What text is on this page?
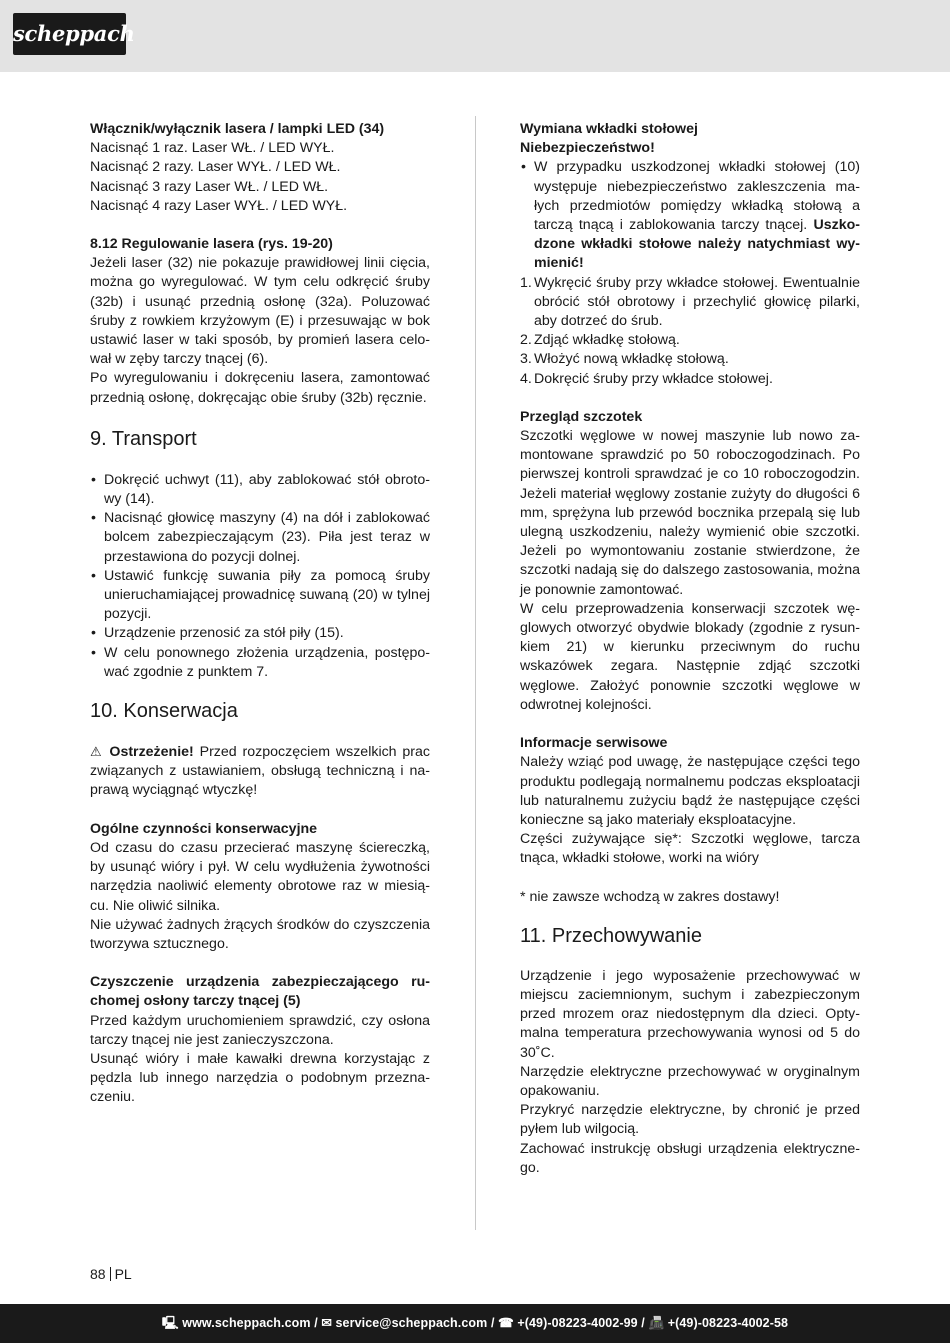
scheppach
Włącznik/wyłącznik lasera / lampki LED (34)
Nacisnąć 1 raz. Laser WŁ. / LED WYŁ.
Nacisnąć 2 razy. Laser WYŁ. / LED WŁ.
Nacisnąć 3 razy Laser WŁ. / LED WŁ.
Nacisnąć 4 razy Laser WYŁ. / LED WYŁ.
8.12 Regulowanie lasera (rys. 19-20)

Jeżeli laser (32) nie pokazuje prawidłowej linii cięcia, można go wyregulować. W tym celu odkręcić śruby (32b) i usunąć przednią osłonę (32a). Poluzować śruby z rowkiem krzyżowym (E) i przesuwając w bok ustawić laser w taki sposób, by promień lasera celował w zęby tarczy tnącej (6).

Po wyregulowaniu i dokręceniu lasera, zamontować przednią osłonę, dokręcając obie śruby (32b) ręcznie.

9. Transport
• Dokręcić uchwyt (11), aby zablokować stół obrotowy (14).
• Nacisnąć głowicę maszyny (4) na dół i zablokować bolcem zabezpieczającym (23). Piła jest teraz w przestawiona do pozycji dolnej.
• Ustawić funkcję suwania piły za pomocą śruby unieruchamiającej prowadnicę suwaną (20) w tylnej pozycji.
• Urządzenie przenosić za stół piły (15).
• W celu ponownego złożenia urządzenia, postępować zgodnie z punktem 7.
10. Konserwacja

⚠ Ostrzeżenie! Przed rozpoczęciem wszelkich prac związanych z ustawianiem, obsługą techniczną i naprawą wyciągnąć wtyczkę!

Ogólne czynności konserwacyjne

Od czasu do czasu przecierać maszynę ściereczką, by usunąć wióry i pył. W celu wydłużenia żywotności narzędzia naoliwić elementy obrotowe raz w miesiącu. Nie oliwić silnika.

Nie używać żadnych żrących środków do czyszczenia tworzywa sztucznego.

Czyszczenie urządzenia zabezpieczającego ruchomej osłony tarczy tnącej (5)

Przed każdym uruchomieniem sprawdzić, czy osłona tarczy tnącej nie jest zanieczyszczona.

Usunąć wióry i małe kawałki drewna korzystając z pędzla lub innego narzędzia o podobnym przeznaczeniu.

Wymiana wkładki stołowej
Niebezpieczeństwo!
• W przypadku uszkodzonej wkładki stołowej (10) występuje niebezpieczeństwo zakleszczenia małych przedmiotów pomiędzy wkładką stołową a tarczą tnącą i zablokowania tarczy tnącej. Uszkodzone wkładki stołowe należy natychmiast wymienić!
1. Wykręcić śruby przy wkładce stołowej. Ewentualnie obrócić stół obrotowy i przechylić głowicę pilarki, aby dotrzeć do śrub.
2. Zdjąć wkładkę stołową.
3. Włożyć nową wkładkę stołową.
4. Dokręcić śruby przy wkładce stołowej.
Przegląd szczotek

Szczotki węglowe w nowej maszynie lub nowo zamontowane sprawdzić po 50 roboczogodzinach. Po pierwszej kontroli sprawdzać je co 10 roboczogodzin. Jeżeli materiał węglowy zostanie zużyty do długości 6 mm, sprężyna lub przewód bocznika przepalą się lub ulegną uszkodzeniu, należy wymienić obie szczotki. Jeżeli po wymontowaniu zostanie stwierdzone, że szczotki nadają się do dalszego zastosowania, można je ponownie zamontować.

W celu przeprowadzenia konserwacji szczotek węglowych otworzyć obydwie blokady (zgodnie z rysunkiem 21) w kierunku przeciwnym do ruchu wskazówek zegara. Następnie zdjąć szczotki węglowe. Założyć ponownie szczotki węglowe w odwrotnej kolejności.

Informacje serwisowe

Należy wziąć pod uwagę, że następujące części tego produktu podlegają normalnemu podczas eksploatacji lub naturalnemu zużyciu bądź że następujące części konieczne są jako materiały eksploatacyjne.

Części zużywające się*: Szczotki węglowe, tarcza tnąca, wkładki stołowe, worki na wióry

* nie zawsze wchodzą w zakres dostawy!

11. Przechowywanie

Urządzenie i jego wyposażenie przechowywać w miejscu zaciemnionym, suchym i zabezpieczonym przed mrozem oraz niedostępnym dla dzieci. Optymalna temperatura przechowywania wynosi od 5 do 30˚C.

Narzędzie elektryczne przechowywać w oryginalnym opakowaniu.

Przykryć narzędzie elektryczne, by chronić je przed pyłem lub wilgocią.

Zachować instrukcję obsługi urządzenia elektrycznego.

88 PL
🖳 www.scheppach.com / ✉ service@scheppach.com / ☎ +(49)-08223-4002-99 / 📠 +(49)-08223-4002-58
